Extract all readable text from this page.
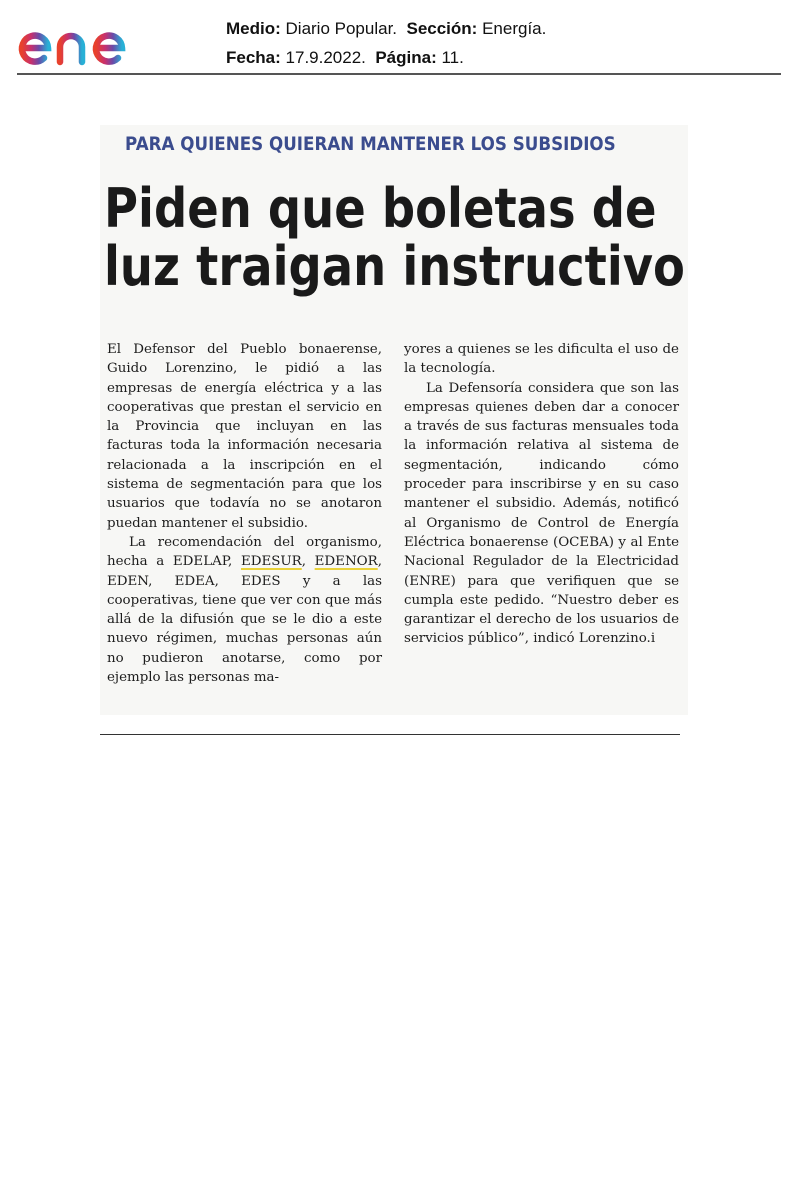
Medio: Diario Popular. Sección: Energía.
Fecha: 17.9.2022. Página: 11.
PARA QUIENES QUIERAN MANTENER LOS SUBSIDIOS
Piden que boletas de
luz traigan instructivo

El Defensor del Pueblo bonaerense, Guido Lorenzino, le pidió a las empresas de energía eléctrica y a las cooperativas que prestan el servicio en la Provincia que incluyan en las facturas toda la información necesaria relacionada a la inscripción en el sistema de segmentación para que los usuarios que todavía no se anotaron puedan mantener el subsidio.

La recomendación del organismo, hecha a EDELAP, EDESUR, EDENOR, EDEN, EDEA, EDES y a las cooperativas, tiene que ver con que más allá de la difusión que se le dio a este nuevo régimen, muchas personas aún no pudieron anotarse, como por ejemplo las personas ma-

yores a quienes se les dificulta el uso de la tecnología.

La Defensoría considera que son las empresas quienes deben dar a conocer a través de sus facturas mensuales toda la información relativa al sistema de segmentación, indicando cómo proceder para inscribirse y en su caso mantener el subsidio. Además, notificó al Organismo de Control de Energía Eléctrica bonaerense (OCEBA) y al Ente Nacional Regulador de la Electricidad (ENRE) para que verifiquen que se cumpla este pedido. “Nuestro deber es garantizar el derecho de los usuarios de servicios público”, indicó Lorenzino.i
